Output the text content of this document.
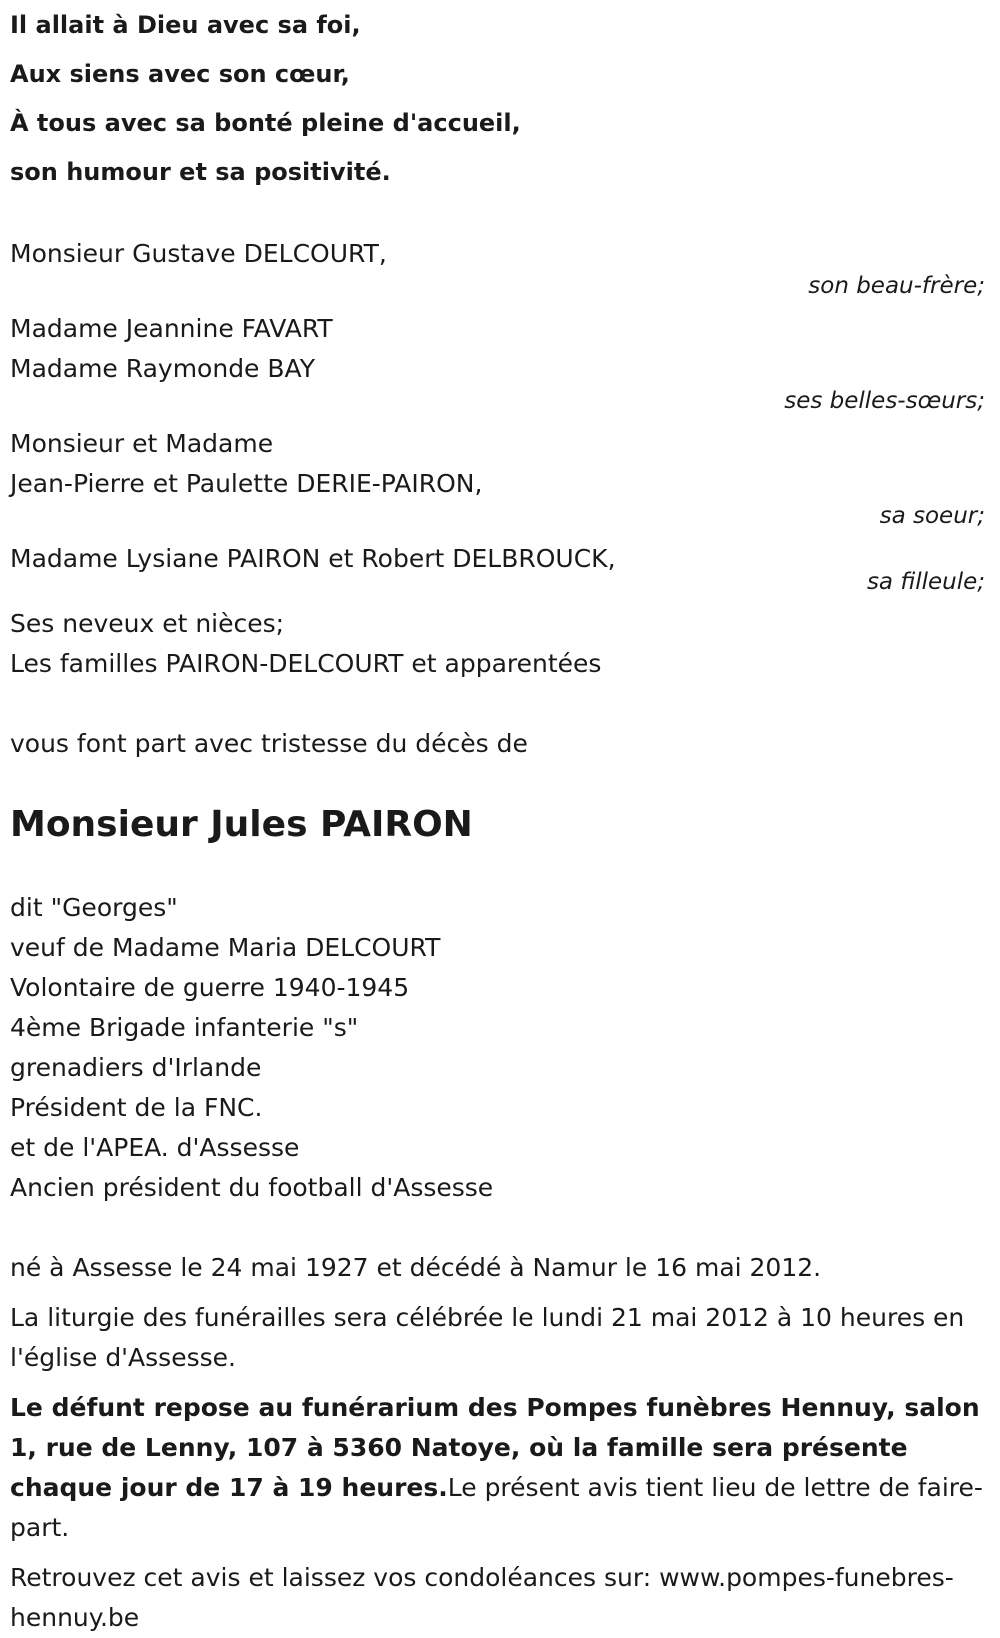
Il allait à Dieu avec sa foi,
Aux siens avec son cœur,
À tous avec sa bonté pleine d'accueil,
son humour et sa positivité.
Monsieur Gustave DELCOURT,
son beau-frère;
Madame Jeannine FAVART
Madame Raymonde BAY
ses belles-sœurs;
Monsieur et Madame
Jean-Pierre et Paulette DERIE-PAIRON,
sa soeur;
Madame Lysiane PAIRON et Robert DELBROUCK,
sa filleule;
Ses neveux et nièces;
Les familles PAIRON-DELCOURT et apparentées
vous font part avec tristesse du décès de
Monsieur Jules PAIRON
dit "Georges"
veuf de Madame Maria DELCOURT
Volontaire de guerre 1940-1945
4ème Brigade infanterie "s"
grenadiers d'Irlande
Président de la FNC.
et de l'APEA. d'Assesse
Ancien président du football d'Assesse
né à Assesse le 24 mai 1927 et décédé à Namur le 16 mai 2012.
La liturgie des funérailles sera célébrée le lundi 21 mai 2012 à 10 heures en l'église d'Assesse.
Le défunt repose au funérarium des Pompes funèbres Hennuy, salon 1, rue de Lenny, 107 à 5360 Natoye, où la famille sera présente chaque jour de 17 à 19 heures.Le présent avis tient lieu de lettre de faire-part.
Retrouvez cet avis et laissez vos condoléances sur: www.pompes-funebres-hennuy.be
